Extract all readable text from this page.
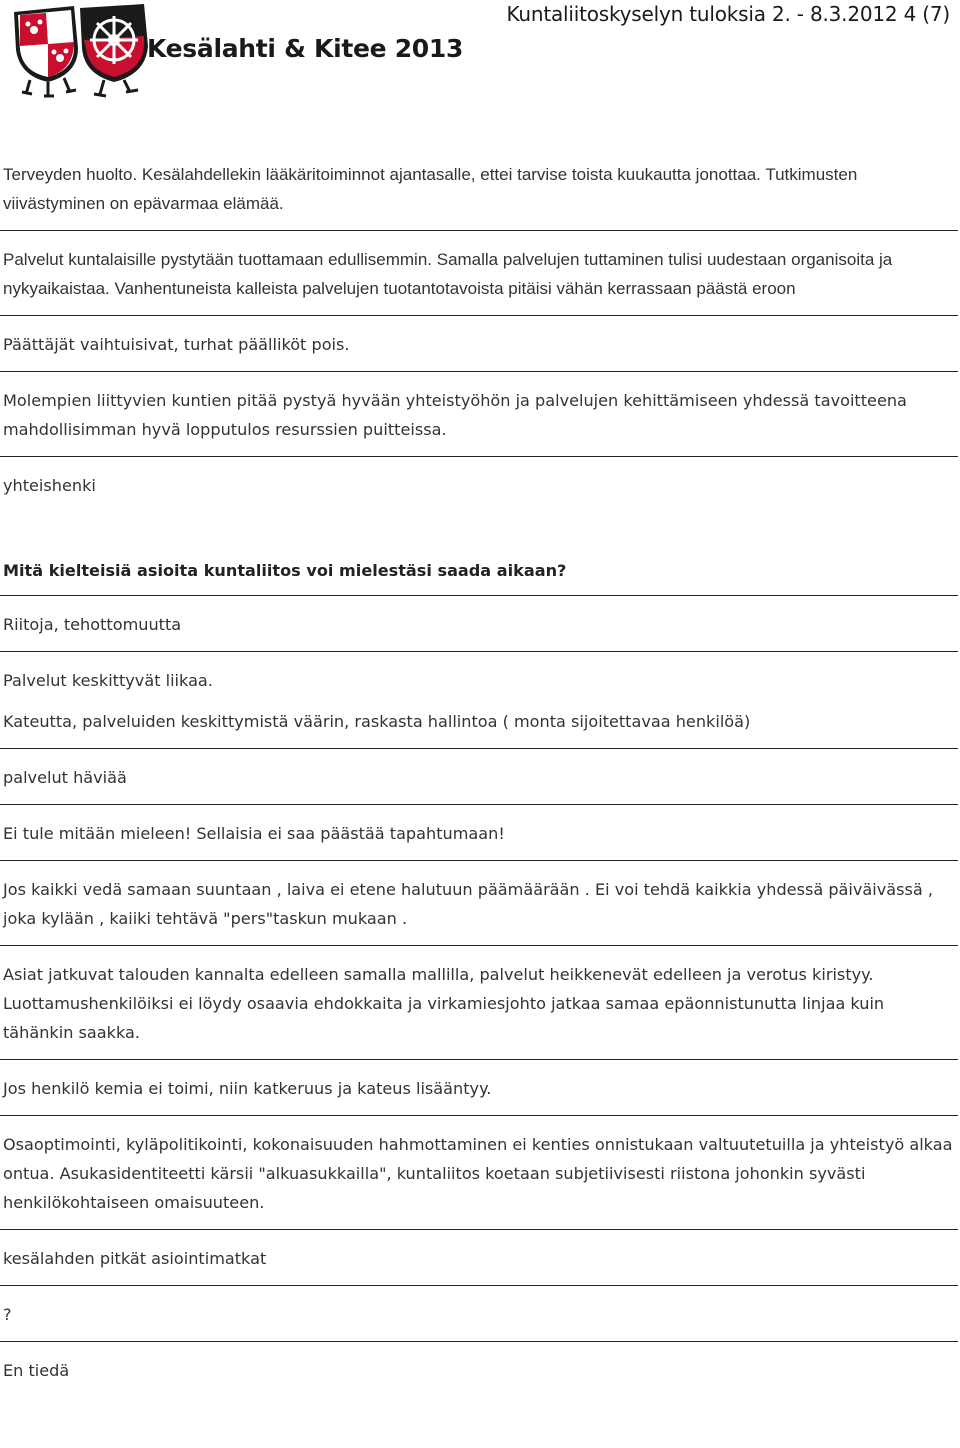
Kuntaliitoskyselyn tuloksia 2. - 8.3.2012 4 (7)
Kesälahti & Kitee 2013
Terveyden huolto. Kesälahdellekin lääkäritoiminnot ajantasalle, ettei tarvise toista kuukautta jonottaa. Tutkimusten viivästyminen on epävarmaa elämää.
Palvelut kuntalaisille pystytään tuottamaan edullisemmin. Samalla palvelujen tuttaminen tulisi uudestaan organisoita ja nykyaikaistaa. Vanhentuneista kalleista palvelujen tuotantotavoista pitäisi vähän kerrassaan päästä eroon
Päättäjät vaihtuisivat, turhat päälliköt pois.
Molempien liittyvien kuntien pitää pystyä hyvään yhteistyöhön ja palvelujen kehittämiseen yhdessä tavoitteena mahdollisimman hyvä lopputulos resurssien puitteissa.
yhteishenki
Mitä kielteisiä asioita kuntaliitos voi mielestäsi saada aikaan?
Riitoja, tehottomuutta
Palvelut keskittyvät liikaa.
Kateutta, palveluiden keskittymistä väärin, raskasta hallintoa ( monta sijoitettavaa henkilöä)
palvelut häviää
Ei tule mitään mieleen! Sellaisia ei saa päästää tapahtumaan!
Jos kaikki vedä samaan suuntaan , laiva ei etene halutuun päämäärään . Ei voi tehdä kaikkia yhdessä päiväivässä , joka kylään , kaiiki tehtävä "pers"taskun mukaan .
Asiat jatkuvat talouden kannalta edelleen samalla mallilla, palvelut heikkenevät edelleen ja verotus kiristyy. Luottamushenkilöiksi ei löydy osaavia ehdokkaita ja virkamiesjohto jatkaa samaa epäonnistunutta linjaa kuin tähänkin saakka.
Jos henkilö kemia ei toimi, niin katkeruus ja kateus lisääntyy.
Osaoptimointi, kyläpolitikointi, kokonaisuuden hahmottaminen ei kenties onnistukaan valtuutetuilla ja yhteistyö alkaa ontua. Asukasidentiteetti kärsii "alkuasukkailla", kuntaliitos koetaan subjetiivisesti riistona johonkin syvästi henkilökohtaiseen omaisuuteen.
kesälahden pitkät asiointimatkat
?
En tiedä
